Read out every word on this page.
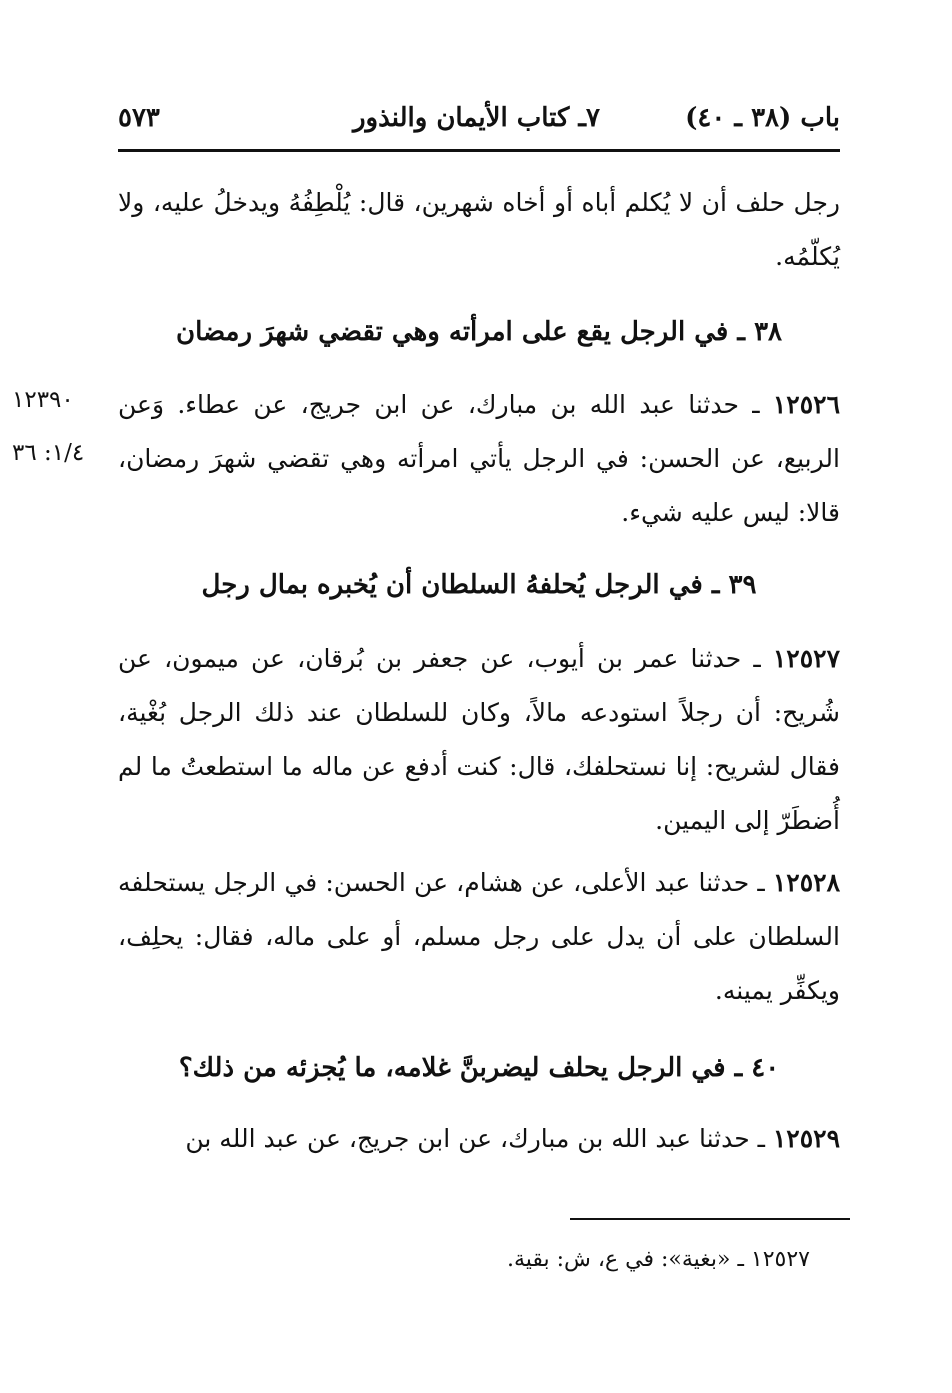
باب (٣٨ ـ ٤٠)
٧ـ كتاب الأيمان والنذور
٥٧٣
رجل حلف أن لا يُكلم أباه أو أخاه شهرين، قال: يُلْطِفُهُ ويدخلُ عليه، ولا يُكلّمُه.
٣٨ ـ في الرجل يقع على امرأته وهي تقضي شهرَ رمضان
١٢٣٩٠
١/٤: ٣٦
١٢٥٢٦ ـ حدثنا عبد الله بن مبارك، عن ابن جريج، عن عطاء. وَعن الربيع، عن الحسن: في الرجل يأتي امرأته وهي تقضي شهرَ رمضان، قالا: ليس عليه شيء.
٣٩ ـ في الرجل يُحلفهُ السلطان أن يُخبره بمال رجل
١٢٥٢٧ ـ حدثنا عمر بن أيوب، عن جعفر بن بُرقان، عن ميمون، عن شُريح: أن رجلاً استودعه مالاً، وكان للسلطان عند ذلك الرجل بُغْية، فقال لشريح: إنا نستحلفك، قال: كنت أدفع عن ماله ما استطعتُ ما لم أُضطَرّ إلى اليمين.
١٢٥٢٨ ـ حدثنا عبد الأعلى، عن هشام، عن الحسن: في الرجل يستحلفه السلطان على أن يدل على رجل مسلم، أو على ماله، فقال: يحلِف، ويكفِّر يمينه.
٤٠ ـ في الرجل يحلف ليضربنَّ غلامه، ما يُجزئه من ذلك؟
١٢٥٢٩ ـ حدثنا عبد الله بن مبارك، عن ابن جريج، عن عبد الله بن
١٢٥٢٧ ـ «بغية»: في ع، ش: بقية.
